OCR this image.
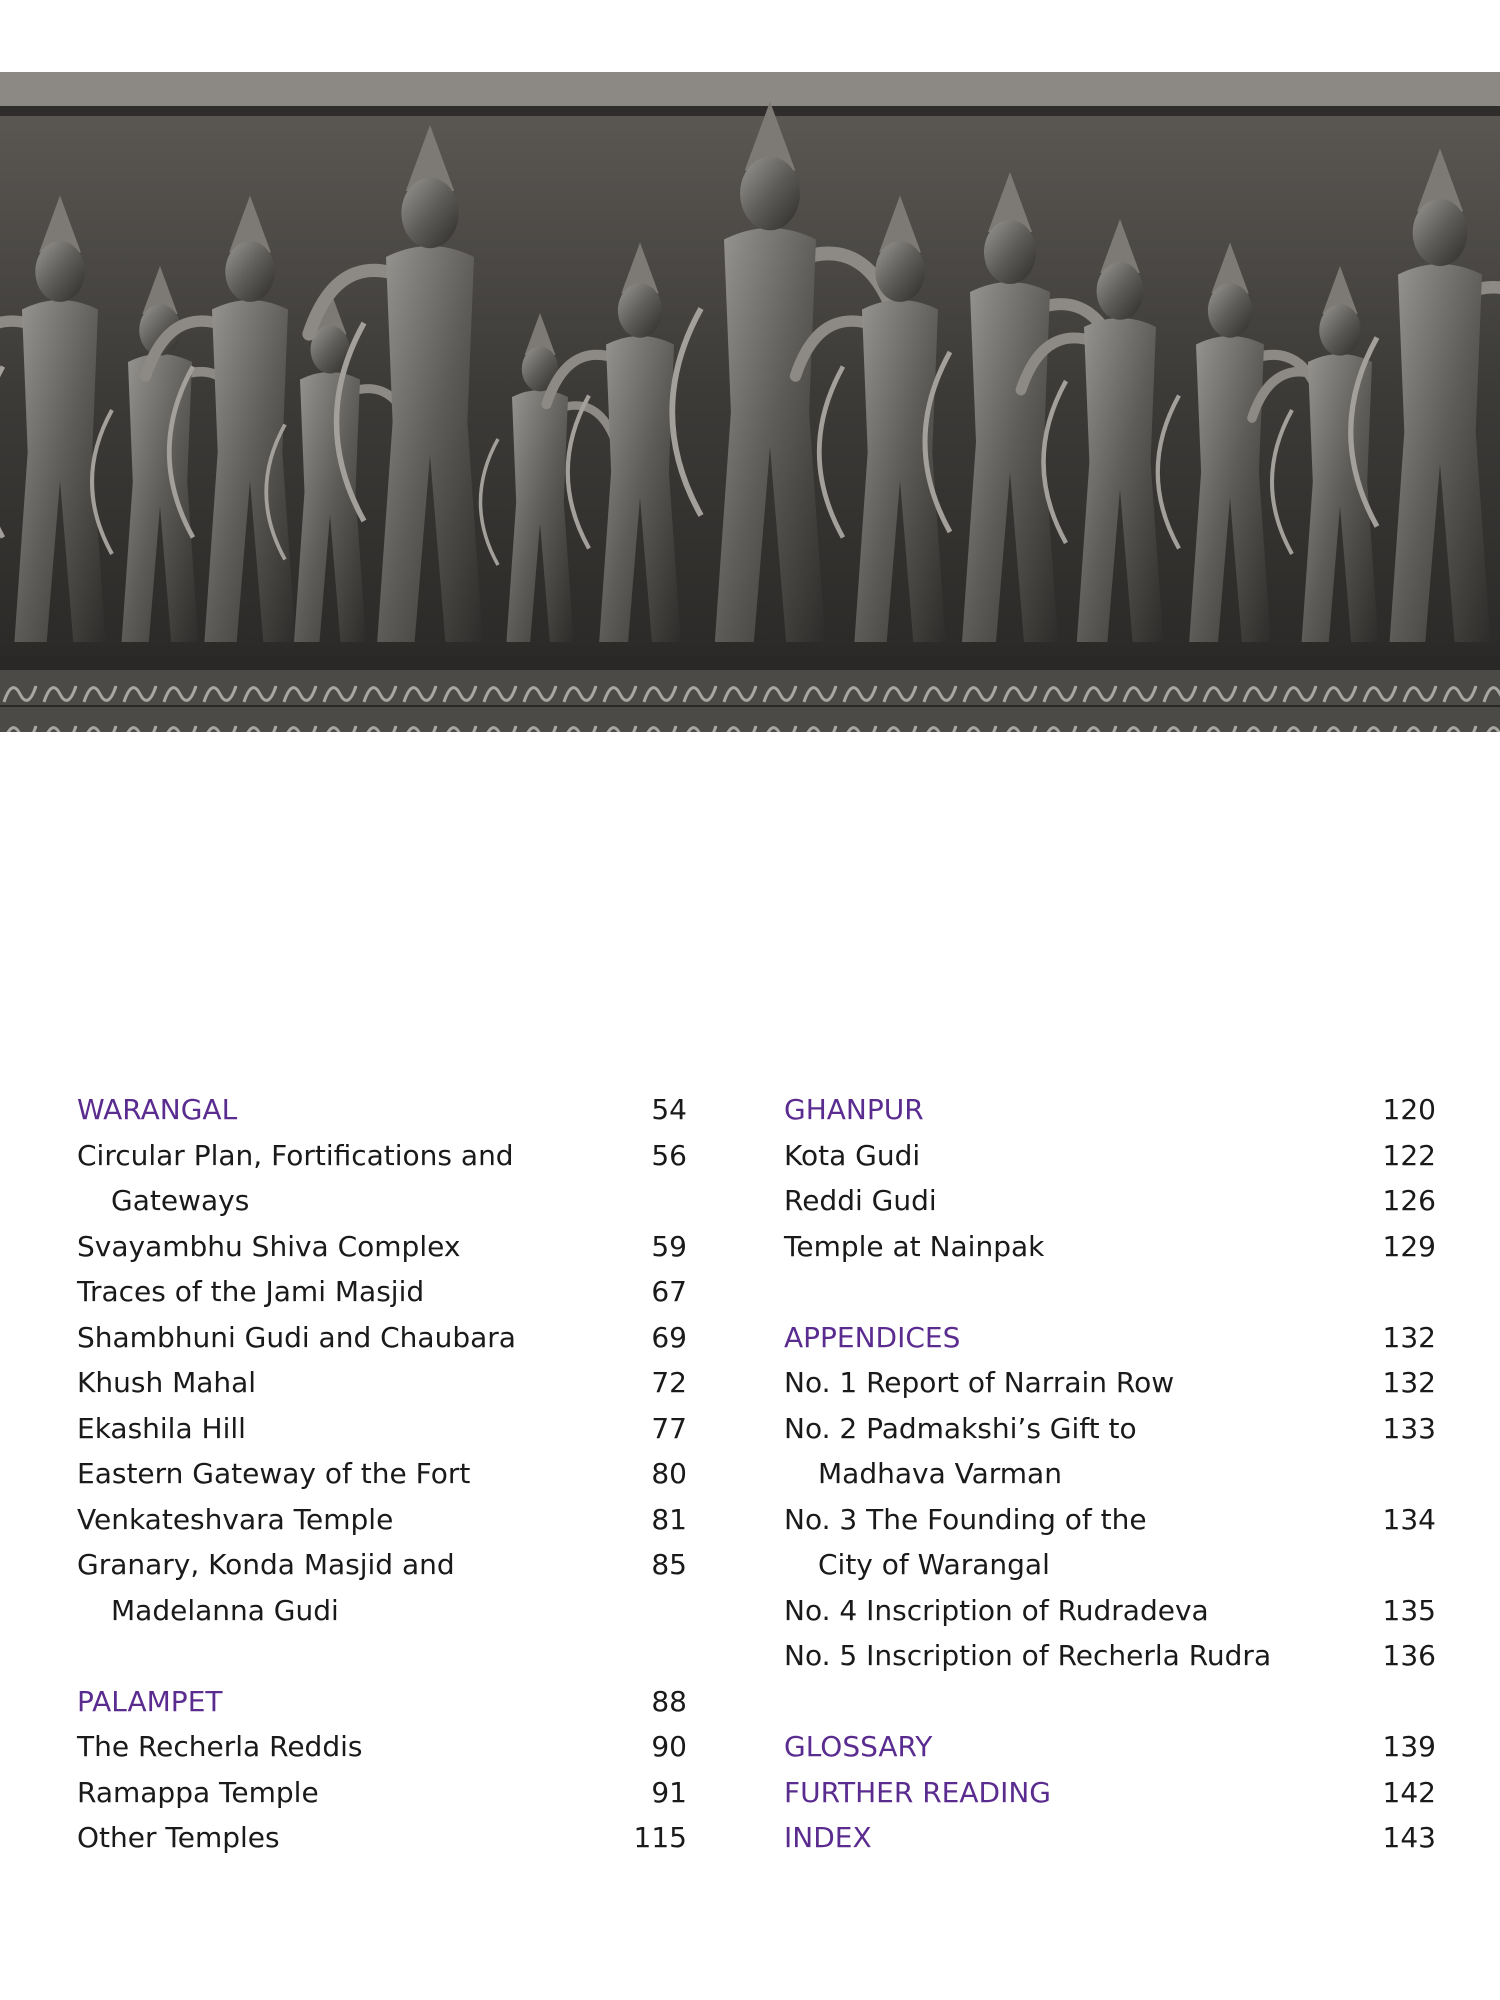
WARANGAL	54
Circular Plan, Fortifications and	56
Gateways
Svayambhu Shiva Complex	59
Traces of the Jami Masjid	67
Shambhuni Gudi and Chaubara	69
Khush Mahal	72
Ekashila Hill	77
Eastern Gateway of the Fort	80
Venkateshvara Temple	81
Granary, Konda Masjid and	85
Madelanna Gudi
PALAMPET	88
The Recherla Reddis	90
Ramappa Temple	91
Other Temples	115
GHANPUR	120
Kota Gudi	122
Reddi Gudi	126
Temple at Nainpak	129
APPENDICES	132
No. 1 Report of Narrain Row	132
No. 2 Padmakshi’s Gift to	133
Madhava Varman
No. 3 The Founding of the	134
City of Warangal
No. 4 Inscription of Rudradeva	135
No. 5 Inscription of Recherla Rudra	136
GLOSSARY	139
FURTHER READING	142
INDEX	143
